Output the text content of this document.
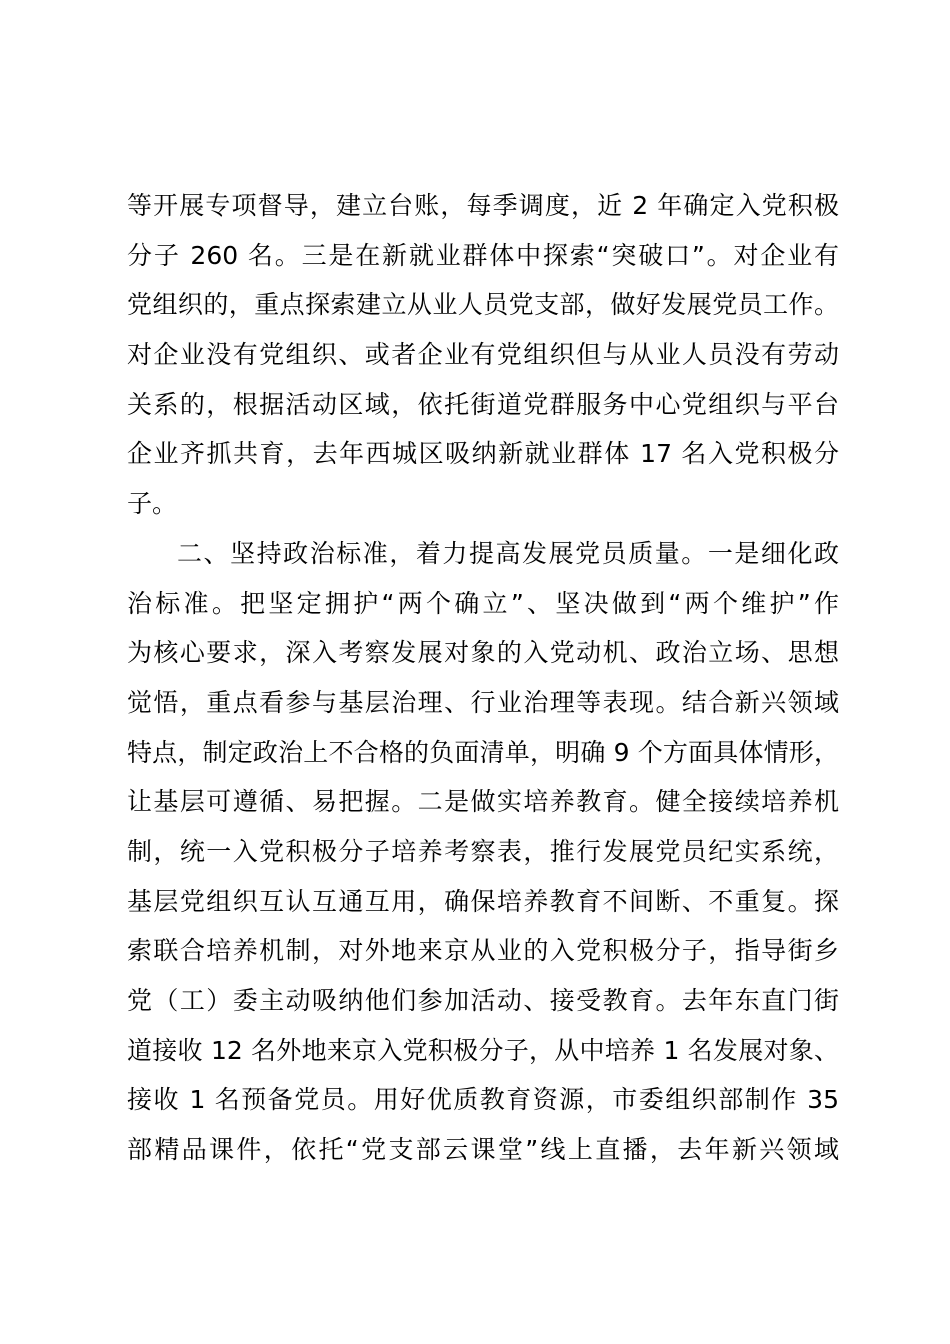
等开展专项督导，建立台账，每季调度，近 2 年确定入党积极
分子 260 名。三是在新就业群体中探索“突破口”。对企业有
党组织的，重点探索建立从业人员党支部，做好发展党员工作。
对企业没有党组织、或者企业有党组织但与从业人员没有劳动
关系的，根据活动区域，依托街道党群服务中心党组织与平台
企业齐抓共育，去年西城区吸纳新就业群体 17 名入党积极分
子。
二、坚持政治标准，着力提高发展党员质量。一是细化政
治标准。把坚定拥护“两个确立”、坚决做到“两个维护”作
为核心要求，深入考察发展对象的入党动机、政治立场、思想
觉悟，重点看参与基层治理、行业治理等表现。结合新兴领域
特点，制定政治上不合格的负面清单，明确 9 个方面具体情形，
让基层可遵循、易把握。二是做实培养教育。健全接续培养机
制，统一入党积极分子培养考察表，推行发展党员纪实系统，
基层党组织互认互通互用，确保培养教育不间断、不重复。探
索联合培养机制，对外地来京从业的入党积极分子，指导街乡
党（工）委主动吸纳他们参加活动、接受教育。去年东直门街
道接收 12 名外地来京入党积极分子，从中培养 1 名发展对象、
接收 1 名预备党员。用好优质教育资源，市委组织部制作 35
部精品课件，依托“党支部云课堂”线上直播，去年新兴领域
